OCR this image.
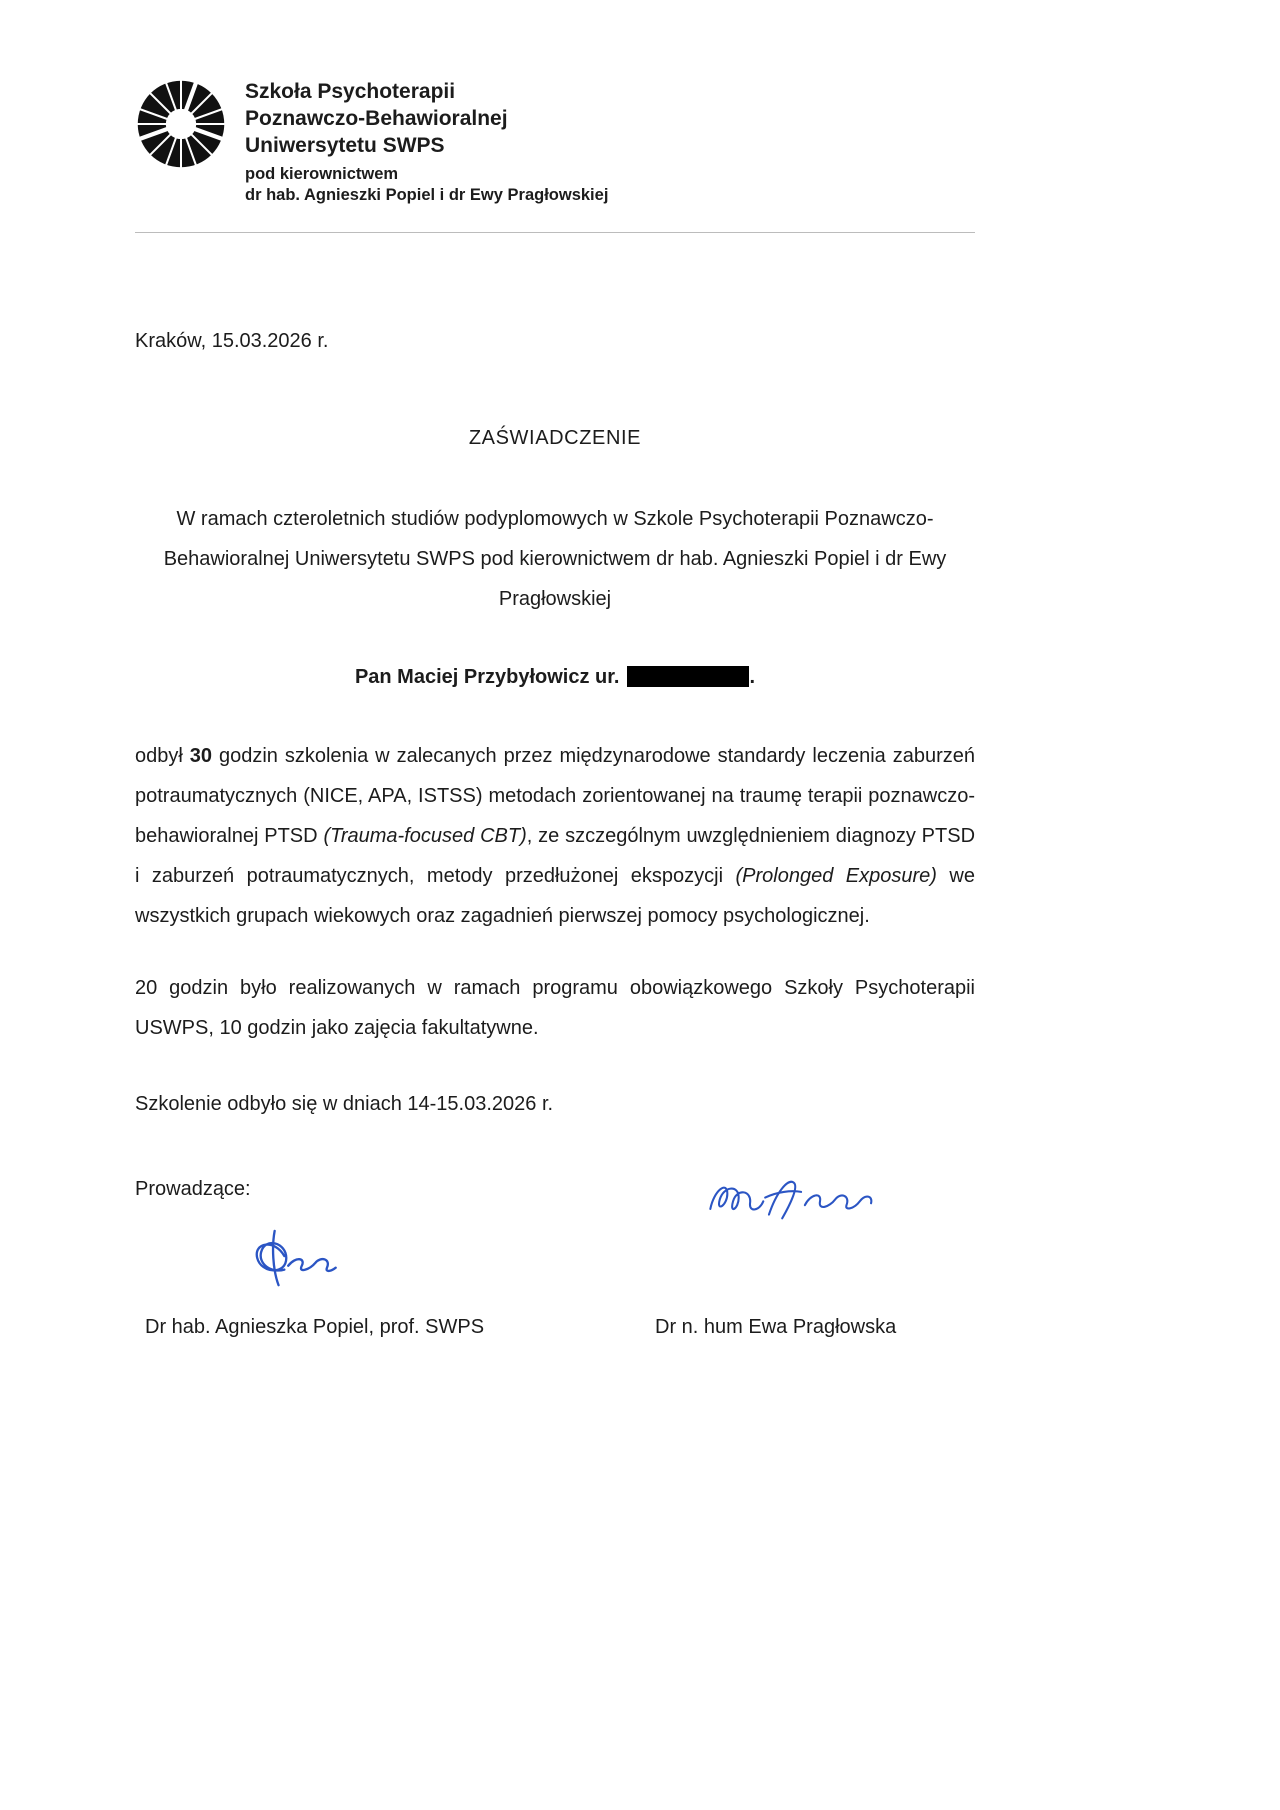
Szkoła Psychoterapii
Poznawczo-Behawioralnej
Uniwersytetu SWPS
pod kierownictwem
dr hab. Agnieszki Popiel i dr Ewy Pragłowskiej
Kraków, 15.03.2026 r.
ZAŚWIADCZENIE

W ramach czteroletnich studiów podyplomowych w Szkole Psychoterapii Poznawczo-Behawioralnej Uniwersytetu SWPS pod kierownictwem dr hab. Agnieszki Popiel i dr Ewy Pragłowskiej

Pan Maciej Przybyłowicz ur.	.

odbył 30 godzin szkolenia w zalecanych przez międzynarodowe standardy leczenia zaburzeń potraumatycznych (NICE, APA, ISTSS) metodach zorientowanej na traumę terapii poznawczo-behawioralnej PTSD (Trauma-focused CBT), ze szczególnym uwzględnieniem diagnozy PTSD i zaburzeń potraumatycznych, metody przedłużonej ekspozycji (Prolonged Exposure) we wszystkich grupach wiekowych oraz zagadnień pierwszej pomocy psychologicznej.

20 godzin było realizowanych w ramach programu obowiązkowego Szkoły Psychoterapii USWPS, 10 godzin jako zajęcia fakultatywne.

Szkolenie odbyło się w dniach 14-15.03.2026 r.

Prowadzące:
Dr hab. Agnieszka Popiel, prof. SWPS	Dr n. hum Ewa Pragłowska
